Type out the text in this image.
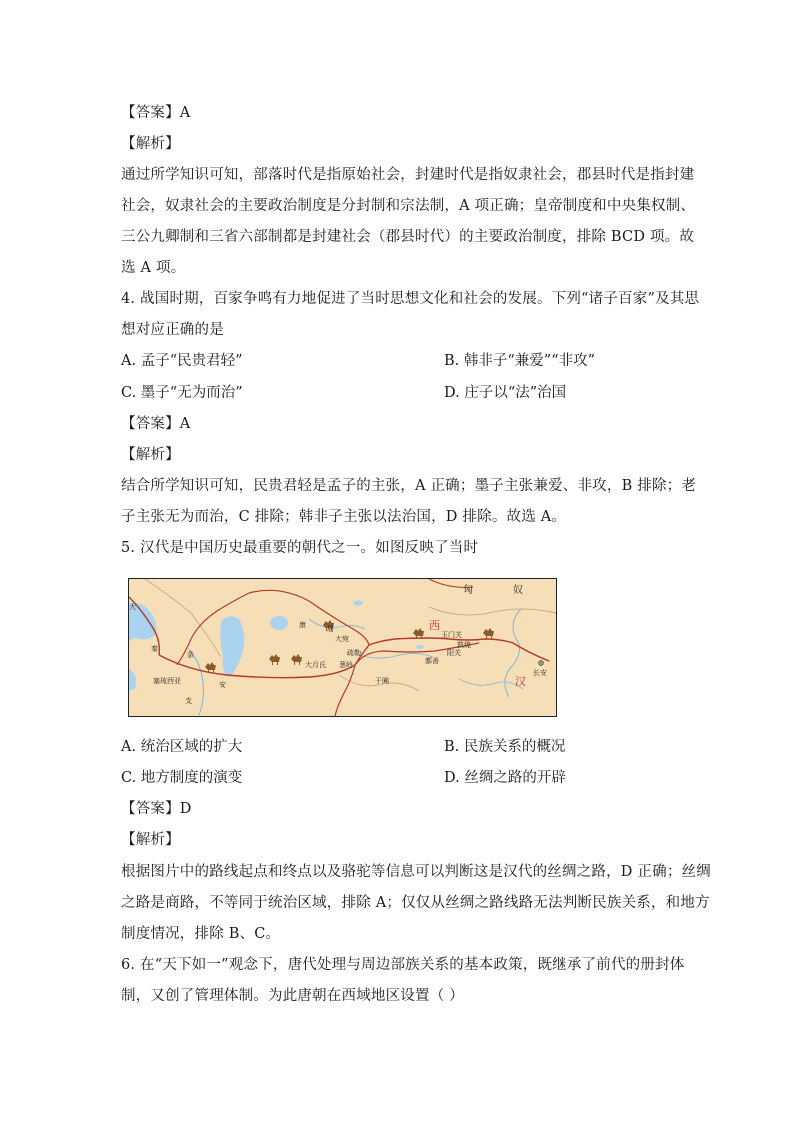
【答案】A
【解析】
通过所学知识可知，部落时代是指原始社会，封建时代是指奴隶社会，郡县时代是指封建
社会，奴隶社会的主要政治制度是分封制和宗法制，A 项正确；皇帝制度和中央集权制、
三公九卿制和三省六部制都是封建社会（郡县时代）的主要政治制度，排除 BCD 项。故
选 A 项。
4. 战国时期，百家争鸣有力地促进了当时思想文化和社会的发展。下列“诸子百家”及其思
想对应正确的是
A. 孟子“民贵君轻”	B. 韩非子“兼爱”“非攻”
C. 墨子“无为而治”	D. 庄子以“法”治国
【答案】A
【解析】
结合所学知识可知，民贵君轻是孟子的主张，A 正确；墨子主张兼爱、非攻，B 排除；老
子主张无为而治，C 排除；韩非子主张以法治国，D 排除。故选 A。
5. 汉代是中国历史最重要的朝代之一。如图反映了当时
匈	奴
西
汉
康	居
大宛	玉门关
敦煌
阳关
长安
条
安
支
大月氏 葱岭
疏勒
于阗
鄯善
大
秦
塞琉西亚
A. 统治区域的扩大	B. 民族关系的概况
C. 地方制度的演变	D. 丝绸之路的开辟
【答案】D
【解析】
根据图片中的路线起点和终点以及骆驼等信息可以判断这是汉代的丝绸之路，D 正确；丝绸
之路是商路，不等同于统治区域，排除 A；仅仅从丝绸之路线路无法判断民族关系，和地方
制度情况，排除 B、C。
6. 在“天下如一”观念下，唐代处理与周边部族关系的基本政策，既继承了前代的册封体
制，又创了管理体制。为此唐朝在西域地区设置（ ）
